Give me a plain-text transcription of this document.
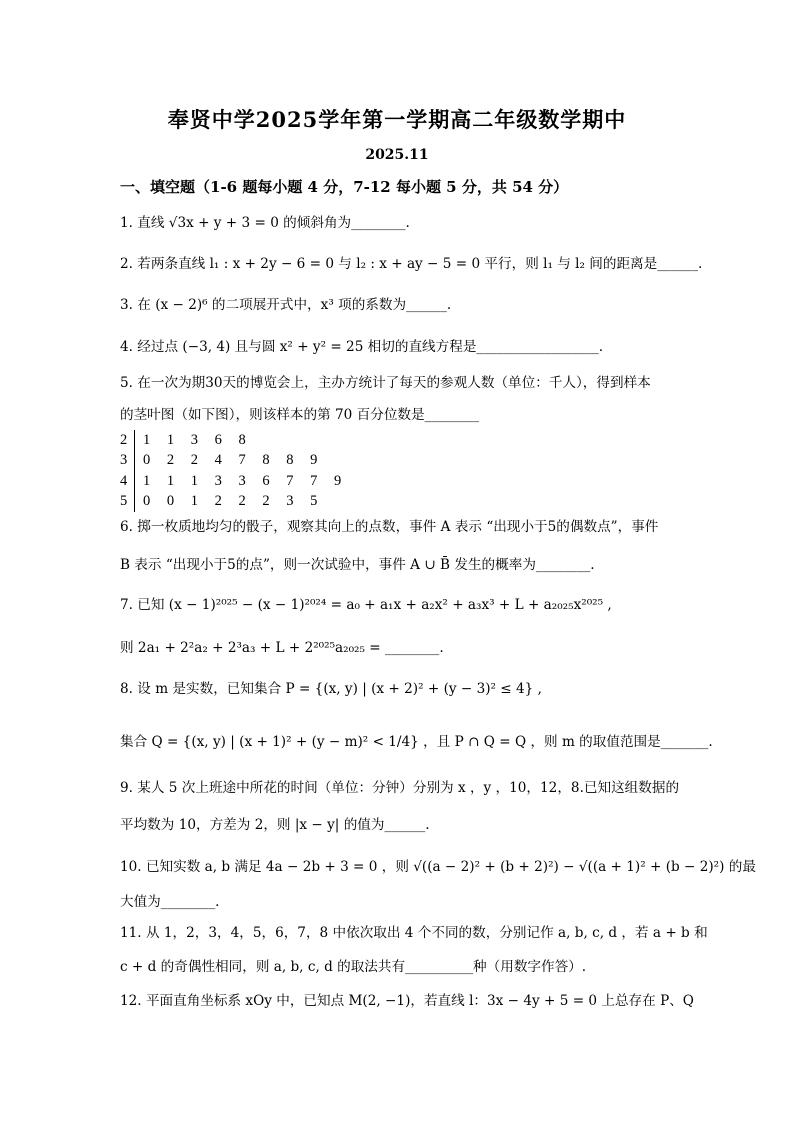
奉贤中学2025学年第一学期高二年级数学期中
2025.11
一、填空题（1-6 题每小题 4 分，7-12 每小题 5 分，共 54 分）
1. 直线 √3x + y + 3 = 0 的倾斜角为________.
2. 若两条直线 l₁ : x + 2y − 6 = 0 与 l₂ : x + ay − 5 = 0 平行，则 l₁ 与 l₂ 间的距离是______.
3. 在 (x − 2)⁶ 的二项展开式中，x³ 项的系数为______.
4. 经过点 (−3, 4) 且与圆 x² + y² = 25 相切的直线方程是__________________.
5. 在一次为期30天的博览会上，主办方统计了每天的参观人数（单位：千人），得到样本
的茎叶图（如下图），则该样本的第 70 百分位数是________
2 1 1 3 6 8
3 0 2 2 4 7 8 8 9
4 1 1 1 3 3 6 7 7 9
5 0 0 1 2 2 2 3 5
6. 掷一枚质地均匀的骰子，观察其向上的点数，事件 A 表示 “出现小于5的偶数点”，事件
B 表示 “出现小于5的点”，则一次试验中，事件 A ∪ B̄ 发生的概率为________.
7. 已知 (x − 1)²⁰²⁵ − (x − 1)²⁰²⁴ = a₀ + a₁x + a₂x² + a₃x³ + L + a₂₀₂₅x²⁰²⁵ ,
则 2a₁ + 2²a₂ + 2³a₃ + L + 2²⁰²⁵a₂₀₂₅ = ________.
8. 设 m 是实数，已知集合 P = {(x, y) | (x + 2)² + (y − 3)² ≤ 4} ,
集合 Q = {(x, y) | (x + 1)² + (y − m)² < 1/4} ，且 P ∩ Q = Q ，则 m 的取值范围是_______.
9. 某人 5 次上班途中所花的时间（单位：分钟）分别为 x ，y ，10，12，8.已知这组数据的
平均数为 10，方差为 2，则 |x − y| 的值为______.
10. 已知实数 a, b 满足 4a − 2b + 3 = 0 ，则 √((a − 2)² + (b + 2)²) − √((a + 1)² + (b − 2)²) 的最
大值为________.
11. 从 1，2，3，4，5，6，7，8 中依次取出 4 个不同的数，分别记作 a, b, c, d ，若 a + b 和
c + d 的奇偶性相同，则 a, b, c, d 的取法共有__________种（用数字作答）.
12. 平面直角坐标系 xOy 中，已知点 M(2, −1)，若直线 l：3x − 4y + 5 = 0 上总存在 P、Q
